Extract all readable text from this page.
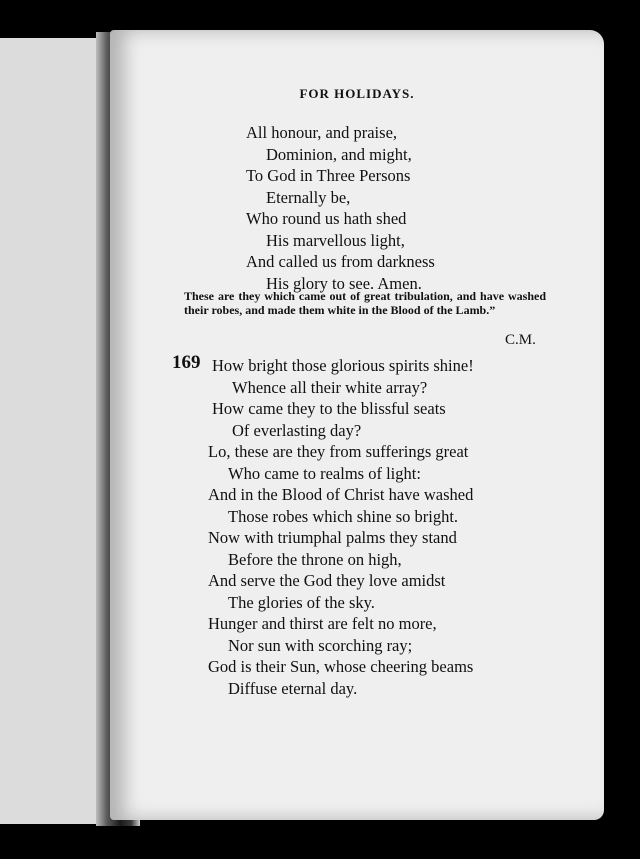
FOR HOLIDAYS.
All honour, and praise,
Dominion, and might,
To God in Three Persons
Eternally be,
Who round us hath shed
His marvellous light,
And called us from darkness
His glory to see. Amen.
These are they which came out of great tribulation, and have washed their robes, and made them white in the Blood of the Lamb.”
C.M.
169 How bright those glorious spirits shine!
Whence all their white array?
How came they to the blissful seats
Of everlasting day?
Lo, these are they from sufferings great
Who came to realms of light:
And in the Blood of Christ have washed
Those robes which shine so bright.
Now with triumphal palms they stand
Before the throne on high,
And serve the God they love amidst
The glories of the sky.
Hunger and thirst are felt no more,
Nor sun with scorching ray;
God is their Sun, whose cheering beams
Diffuse eternal day.
